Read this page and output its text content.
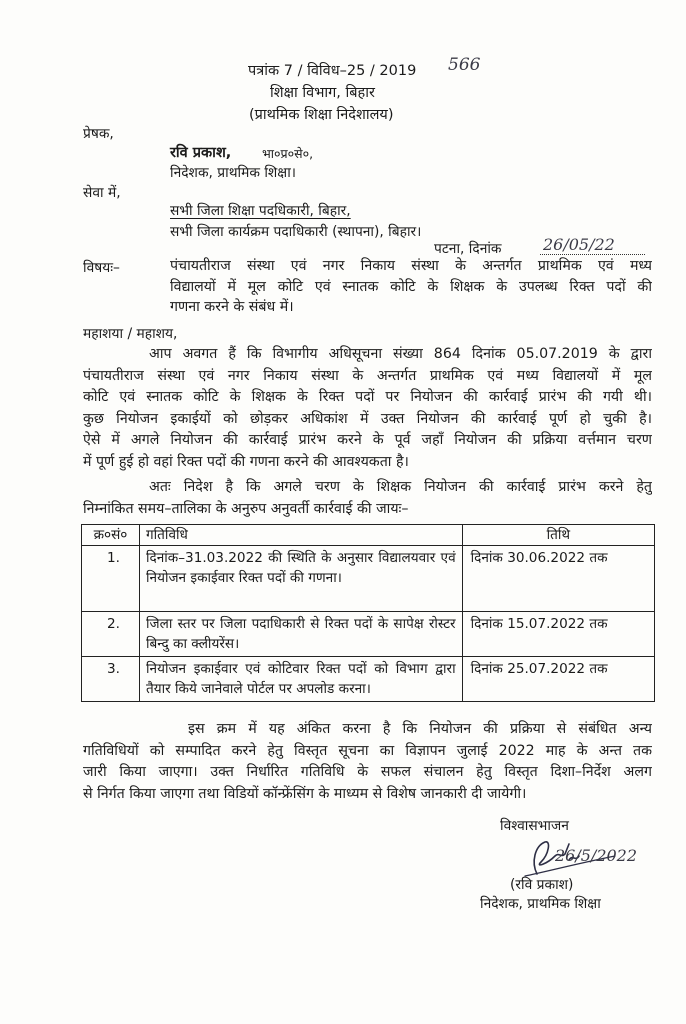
पत्रांक 7 / विविध–25 / 2019 566
शिक्षा विभाग, बिहार
(प्राथमिक शिक्षा निदेशालय)
प्रेषक,
रवि प्रकाश, भा०प्र०से०,
निदेशक, प्राथमिक शिक्षा।
सेवा में,
सभी जिला शिक्षा पदधिकारी, बिहार,
सभी जिला कार्यक्रम पदाधिकारी (स्थापना), बिहार।
पटना, दिनांक	26/05/22
विषयः–	पंचायतीराज संस्था एवं नगर निकाय संस्था के अन्तर्गत प्राथमिक एवं मध्य
विद्यालयों में मूल कोटि एवं स्नातक कोटि के शिक्षक के उपलब्ध रिक्त पदों की
गणना करने के संबंध में।
महाशया / महाशय,
आप अवगत हैं कि विभागीय अधिसूचना संख्या 864 दिनांक 05.07.2019 के द्वारा
पंचायतीराज संस्था एवं नगर निकाय संस्था के अन्तर्गत प्राथमिक एवं मध्य विद्यालयों में मूल
कोटि एवं स्नातक कोटि के शिक्षक के रिक्त पदों पर नियोजन की कार्रवाई प्रारंभ की गयी थी।
कुछ नियोजन इकाईयों को छोड़कर अधिकांश में उक्त नियोजन की कार्रवाई पूर्ण हो चुकी है।
ऐसे में अगले नियोजन की कार्रवाई प्रारंभ करने के पूर्व जहाँ नियोजन की प्रक्रिया वर्त्तमान चरण
में पूर्ण हुई हो वहां रिक्त पदों की गणना करने की आवश्यकता है।
अतः निदेश है कि अगले चरण के शिक्षक नियोजन की कार्रवाई प्रारंभ करने हेतु
निम्नांकित समय–तालिका के अनुरुप अनुवर्ती कार्रवाई की जायः–
क्र०सं०	गतिविधि	तिथि
1.	दिनांक–31.03.2022 की स्थिति के अनुसार विद्यालयवार एवं नियोजन इकाईवार रिक्त पदों की गणना।	दिनांक 30.06.2022 तक
2.	जिला स्तर पर जिला पदाधिकारी से रिक्त पदों के सापेक्ष रोस्टर बिन्दु का क्लीयरेंस।	दिनांक 15.07.2022 तक
3.	नियोजन इकाईवार एवं कोटिवार रिक्त पदों को विभाग द्वारा तैयार किये जानेवाले पोर्टल पर अपलोड करना।	दिनांक 25.07.2022 तक
इस क्रम में यह अंकित करना है कि नियोजन की प्रक्रिया से संबंधित अन्य
गतिविधियों को सम्पादित करने हेतु विस्तृत सूचना का विज्ञापन जुलाई 2022 माह के अन्त तक
जारी किया जाएगा। उक्त निर्धारित गतिविधि के सफल संचालन हेतु विस्तृत दिशा–निर्देश अलग
से निर्गत किया जाएगा तथा विडियों कॉन्फ्रेंसिंग के माध्यम से विशेष जानकारी दी जायेगी।
विश्वासभाजन
26/5/2022
(रवि प्रकाश)
निदेशक, प्राथमिक शिक्षा
